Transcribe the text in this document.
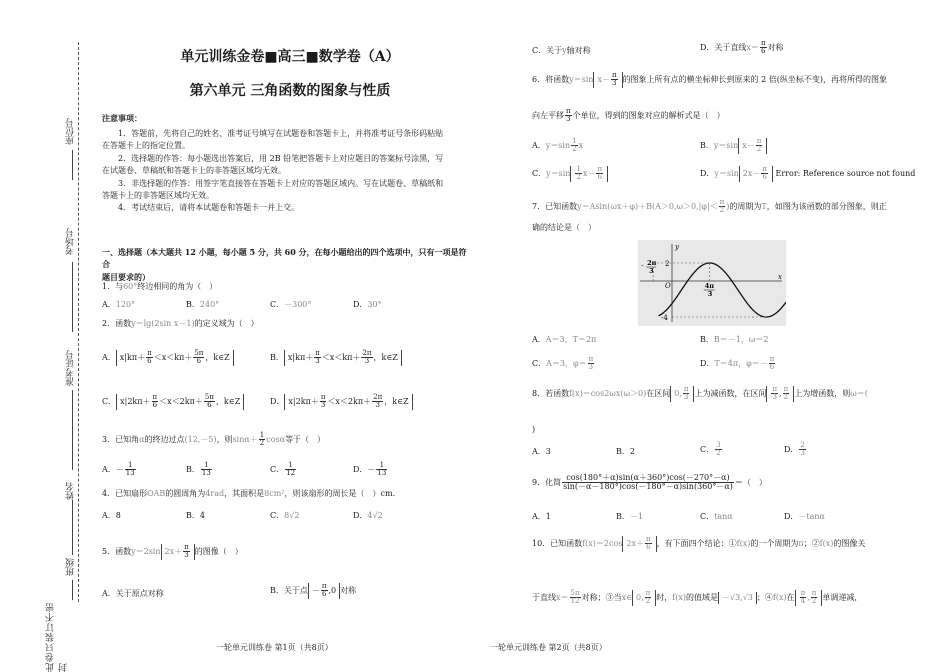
座位号
考场号
准考证号
姓名
班级
此卷只装订不密封
单元训练金卷■高三■数学卷（A）
第六单元 三角函数的图象与性质
注意事项：
1．答题前，先将自己的姓名、准考证号填写在试题卷和答题卡上，并将准考证号条形码粘贴
在答题卡上的指定位置。
2．选择题的作答：每小题选出答案后，用 2B 铅笔把答题卡上对应题目的答案标号涂黑，写
在试题卷、草稿纸和答题卡上的非答题区域均无效。
3．非选择题的作答：用签字笔直接答在答题卡上对应的答题区域内。写在试题卷、草稿纸和
答题卡上的非答题区域均无效。
4．考试结束后，请将本试题卷和答题卡一并上交。
一、选择题（本大题共 12 小题，每小题 5 分，共 60 分，在每小题给出的四个选项中，只有一项是符合
题目要求的）
1．与60°终边相同的角为（　）
A．120°	B．240°	C．－300°	D．30°
2．函数y＝lg(2sin x－1)的定义域为（　）
A． $x|k\pi+ \frac{\pi}{6} <x<k\pi+ \frac{5\pi}{6}$ ，k∈Z	B． $x|k\pi+ \frac{\pi}{3} <x<k\pi+ \frac{2\pi}{3}$ ，k∈Z
C． $x|2k\pi+ \frac{\pi}{6} <x<2k\pi+ \frac{5\pi}{6}$ ，k∈Z	D． $x|2k\pi+ \frac{\pi}{3} <x<2k\pi+ \frac{2\pi}{3}$ ，k∈Z
3．已知角α的终边过点(12,－5)，则$\sin\alpha+ \frac{1}{2}$ cosα等于（　）
A．－ $\frac{1}{13}$	B． $\frac{1}{13}$	C． $\frac{1}{12}$	D．－ $\frac{1}{13}$
4．已知扇形OAB的圆周角为4rad，其面积是8cm²，则该扇形的周长是（　）cm．
A．8	B．4	C．8√2	D．4√2
5．函数y＝2sin $2x+ \frac{\pi}{3}$ 的图像（　）
A．关于原点对称	B．关于点 － $\frac{\pi}{6} ,0$ 对称
C．关于y轴对称	D．关于直线$x= \frac{\pi}{6}$ 对称
6．将函数y＝sin $x- \frac{\pi}{3}$ 的图象上所有点的横坐标伸长到原来的 2 倍(纵坐标不变)，再将所得的图象
向左平移 $\frac{\pi}{3}$ 个单位，得到的图象对应的解析式是（　）
A．$y=\sin \frac{1}{2}$ x	B．y＝sin $x- \frac{\pi}{2}$
C．$y=\sin \frac{1}{2} x- \frac{\pi}{6}$	D．y＝sin $2x- \frac{\pi}{6}$ Error: Reference source not found
7．已知函数$y=Asin(\omega x+\varphi)+B(A>0,\omega>0,|\varphi|< \frac{\pi}{2}$ )的周期为T，如图为该函数的部分图象，则正
确的结论是（　）
y
x
O
2
-4
- 2π
3
4π
3
A．A＝3，T＝2π	B．B＝－1，ω＝2
C．A＝3，$\varphi= \frac{\pi}{3}$	D．T＝4π，$\varphi=- \frac{\pi}{6}$
8．若函数f(x)＝cos2ωx(ω＞0)在区间 0, $\frac{\pi}{3}$ 上为减函数，在区间 $\frac{\pi}{3}$ , $\frac{\pi}{2}$ 上为增函数，则ω＝(
)
A．3	B．2	C． $\frac{3}{2}$	D． $\frac{2}{3}$
9．化简 $\frac{\cos(180^\circ+\alpha)\sin(\alpha+360^\circ)\cos(-270^\circ-\alpha)}{\sin(-\alpha-180^\circ)\cos(-180^\circ-\alpha)\sin(360^\circ-\alpha)}$ ＝（　）
A．1	B．－1	C．tanα	D．－tanα
10．已知函数f(x)＝2cos $2x+ \frac{\pi}{6}$ ，有下面四个结论：①f(x)的一个周期为π；②f(x)的图像关
于直线$x= \frac{5\pi}{12}$ 对称；③当x∈ 0, $\frac{\pi}{2}$ 时，f(x)的值域是 －√3,√3 ；④f(x)在 $\frac{\pi}{4}$ , $\frac{\pi}{2}$ 单调递减，
一轮单元训练卷 第1页（共8页）	一轮单元训练卷 第2页（共8页）
